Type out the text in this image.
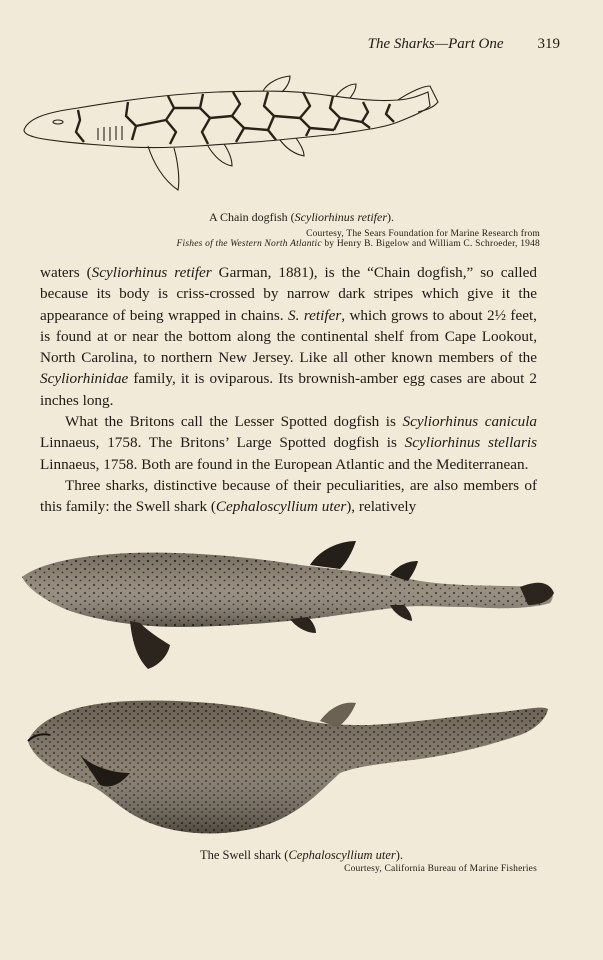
The Sharks—Part One 319
A Chain dogfish (Scyliorhinus retifer).
Courtesy, The Sears Foundation for Marine Research from
Fishes of the Western North Atlantic by Henry B. Bigelow and William C. Schroeder, 1948

waters (Scyliorhinus retifer Garman, 1881), is the “Chain dogfish,” so called because its body is criss-crossed by narrow dark stripes which give it the appearance of being wrapped in chains. S. retifer, which grows to about 2½ feet, is found at or near the bottom along the continental shelf from Cape Lookout, North Carolina, to northern New Jersey. Like all other known members of the Scyliorhinidae family, it is oviparous. Its brownish-amber egg cases are about 2 inches long.

What the Britons call the Lesser Spotted dogfish is Scyliorhinus canicula Linnaeus, 1758. The Britons’ Large Spotted dogfish is Scyliorhinus stellaris Linnaeus, 1758. Both are found in the European Atlantic and the Mediterranean.

Three sharks, distinctive because of their peculiarities, are also members of this family: the Swell shark (Cephaloscyllium uter), relatively

The Swell shark (Cephaloscyllium uter).
Courtesy, California Bureau of Marine Fisheries
